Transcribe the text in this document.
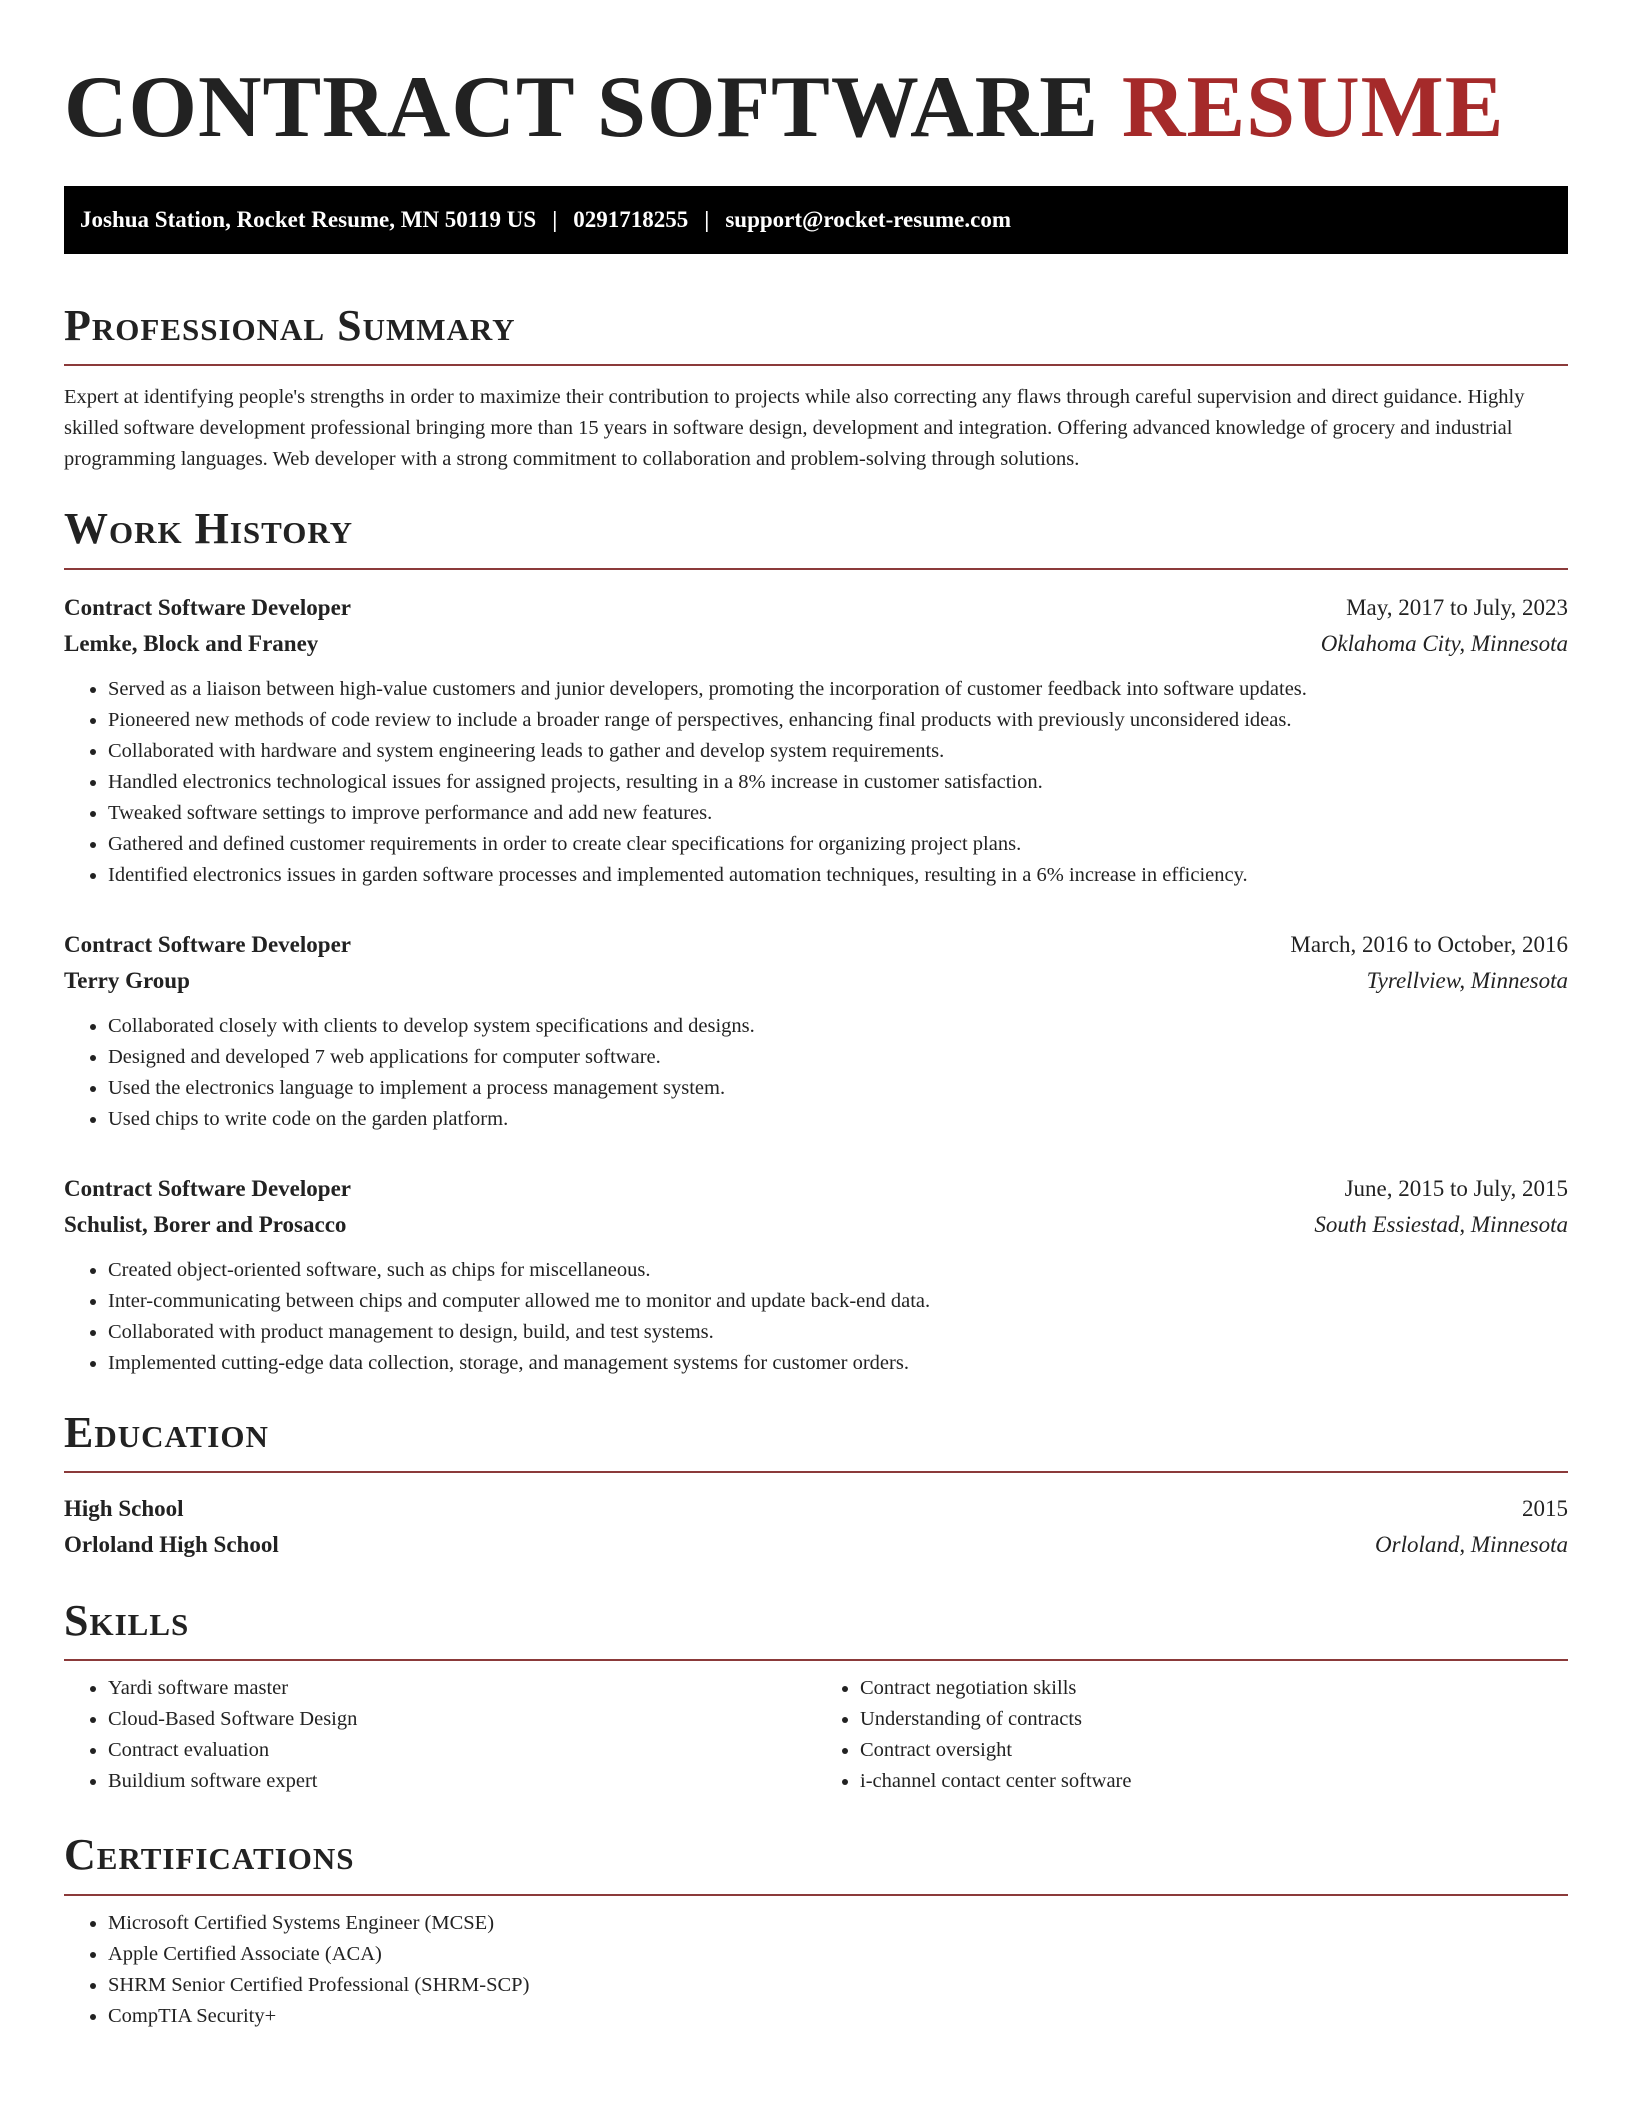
CONTRACT SOFTWARE RESUME
Joshua Station, Rocket Resume, MN 50119 US | 0291718255 | support@rocket-resume.com
Professional Summary

Expert at identifying people's strengths in order to maximize their contribution to projects while also correcting any flaws through careful supervision and direct guidance. Highly skilled software development professional bringing more than 15 years in software design, development and integration. Offering advanced knowledge of grocery and industrial programming languages. Web developer with a strong commitment to collaboration and problem-solving through solutions.

Work History
Contract Software Developer	May, 2017 to July, 2023
Lemke, Block and Franey	Oklahoma City, Minnesota
• Served as a liaison between high-value customers and junior developers, promoting the incorporation of customer feedback into software updates.
• Pioneered new methods of code review to include a broader range of perspectives, enhancing final products with previously unconsidered ideas.
• Collaborated with hardware and system engineering leads to gather and develop system requirements.
• Handled electronics technological issues for assigned projects, resulting in a 8% increase in customer satisfaction.
• Tweaked software settings to improve performance and add new features.
• Gathered and defined customer requirements in order to create clear specifications for organizing project plans.
• Identified electronics issues in garden software processes and implemented automation techniques, resulting in a 6% increase in efficiency.
Contract Software Developer	March, 2016 to October, 2016
Terry Group	Tyrellview, Minnesota
• Collaborated closely with clients to develop system specifications and designs.
• Designed and developed 7 web applications for computer software.
• Used the electronics language to implement a process management system.
• Used chips to write code on the garden platform.
Contract Software Developer	June, 2015 to July, 2015
Schulist, Borer and Prosacco	South Essiestad, Minnesota
• Created object-oriented software, such as chips for miscellaneous.
• Inter-communicating between chips and computer allowed me to monitor and update back-end data.
• Collaborated with product management to design, build, and test systems.
• Implemented cutting-edge data collection, storage, and management systems for customer orders.
Education
High School	2015
Orloland High School	Orloland, Minnesota
Skills
• Yardi software master
• Cloud-Based Software Design
• Contract evaluation
• Buildium software expert
• Contract negotiation skills
• Understanding of contracts
• Contract oversight
• i-channel contact center software
Certifications
• Microsoft Certified Systems Engineer (MCSE)
• Apple Certified Associate (ACA)
• SHRM Senior Certified Professional (SHRM-SCP)
• CompTIA Security+
